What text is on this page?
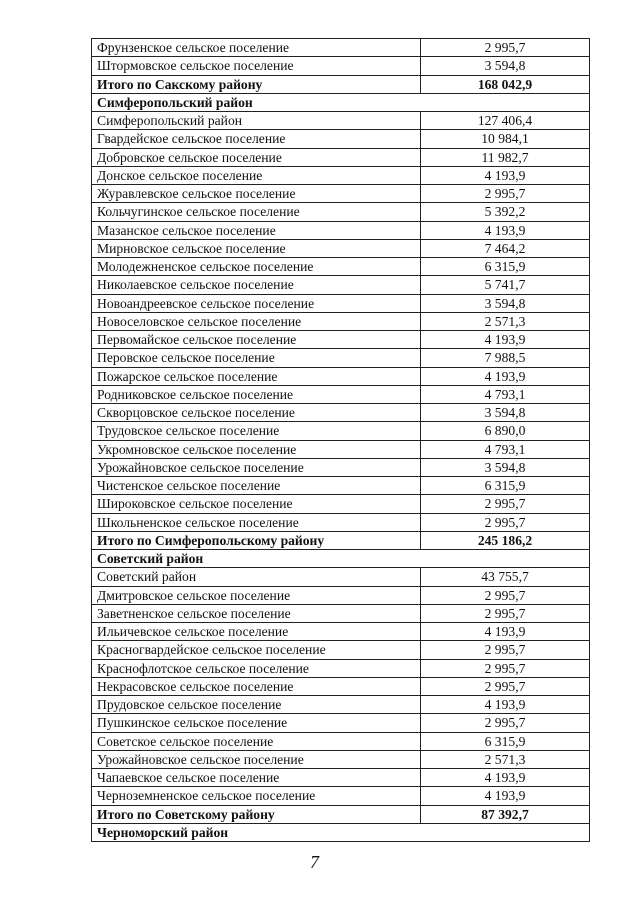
Фрунзенское сельское поселение	2 995,7
Штормовское сельское поселение	3 594,8
Итого по Сакскому району	168 042,9
Симферопольский район	
Симферопольский район	127 406,4
Гвардейское сельское поселение	10 984,1
Добровское сельское поселение	11 982,7
Донское сельское поселение	4 193,9
Журавлевское сельское поселение	2 995,7
Кольчугинское сельское поселение	5 392,2
Мазанское сельское поселение	4 193,9
Мирновское сельское поселение	7 464,2
Молодежненское сельское поселение	6 315,9
Николаевское сельское поселение	5 741,7
Новоандреевское сельское поселение	3 594,8
Новоселовское сельское поселение	2 571,3
Первомайское сельское поселение	4 193,9
Перовское сельское поселение	7 988,5
Пожарское сельское поселение	4 193,9
Родниковское сельское поселение	4 793,1
Скворцовское сельское поселение	3 594,8
Трудовское сельское поселение	6 890,0
Укромновское сельское поселение	4 793,1
Урожайновское сельское поселение	3 594,8
Чистенское сельское поселение	6 315,9
Широковское сельское поселение	2 995,7
Школьненское сельское поселение	2 995,7
Итого по Симферопольскому району	245 186,2
Советский район	
Советский район	43 755,7
Дмитровское сельское поселение	2 995,7
Заветненское сельское поселение	2 995,7
Ильичевское сельское поселение	4 193,9
Красногвардейское сельское поселение	2 995,7
Краснофлотское сельское поселение	2 995,7
Некрасовское сельское поселение	2 995,7
Прудовское сельское поселение	4 193,9
Пушкинское сельское поселение	2 995,7
Советское сельское поселение	6 315,9
Урожайновское сельское поселение	2 571,3
Чапаевское сельское поселение	4 193,9
Черноземненское сельское поселение	4 193,9
Итого по Советскому району	87 392,7
Черноморский район	
7
